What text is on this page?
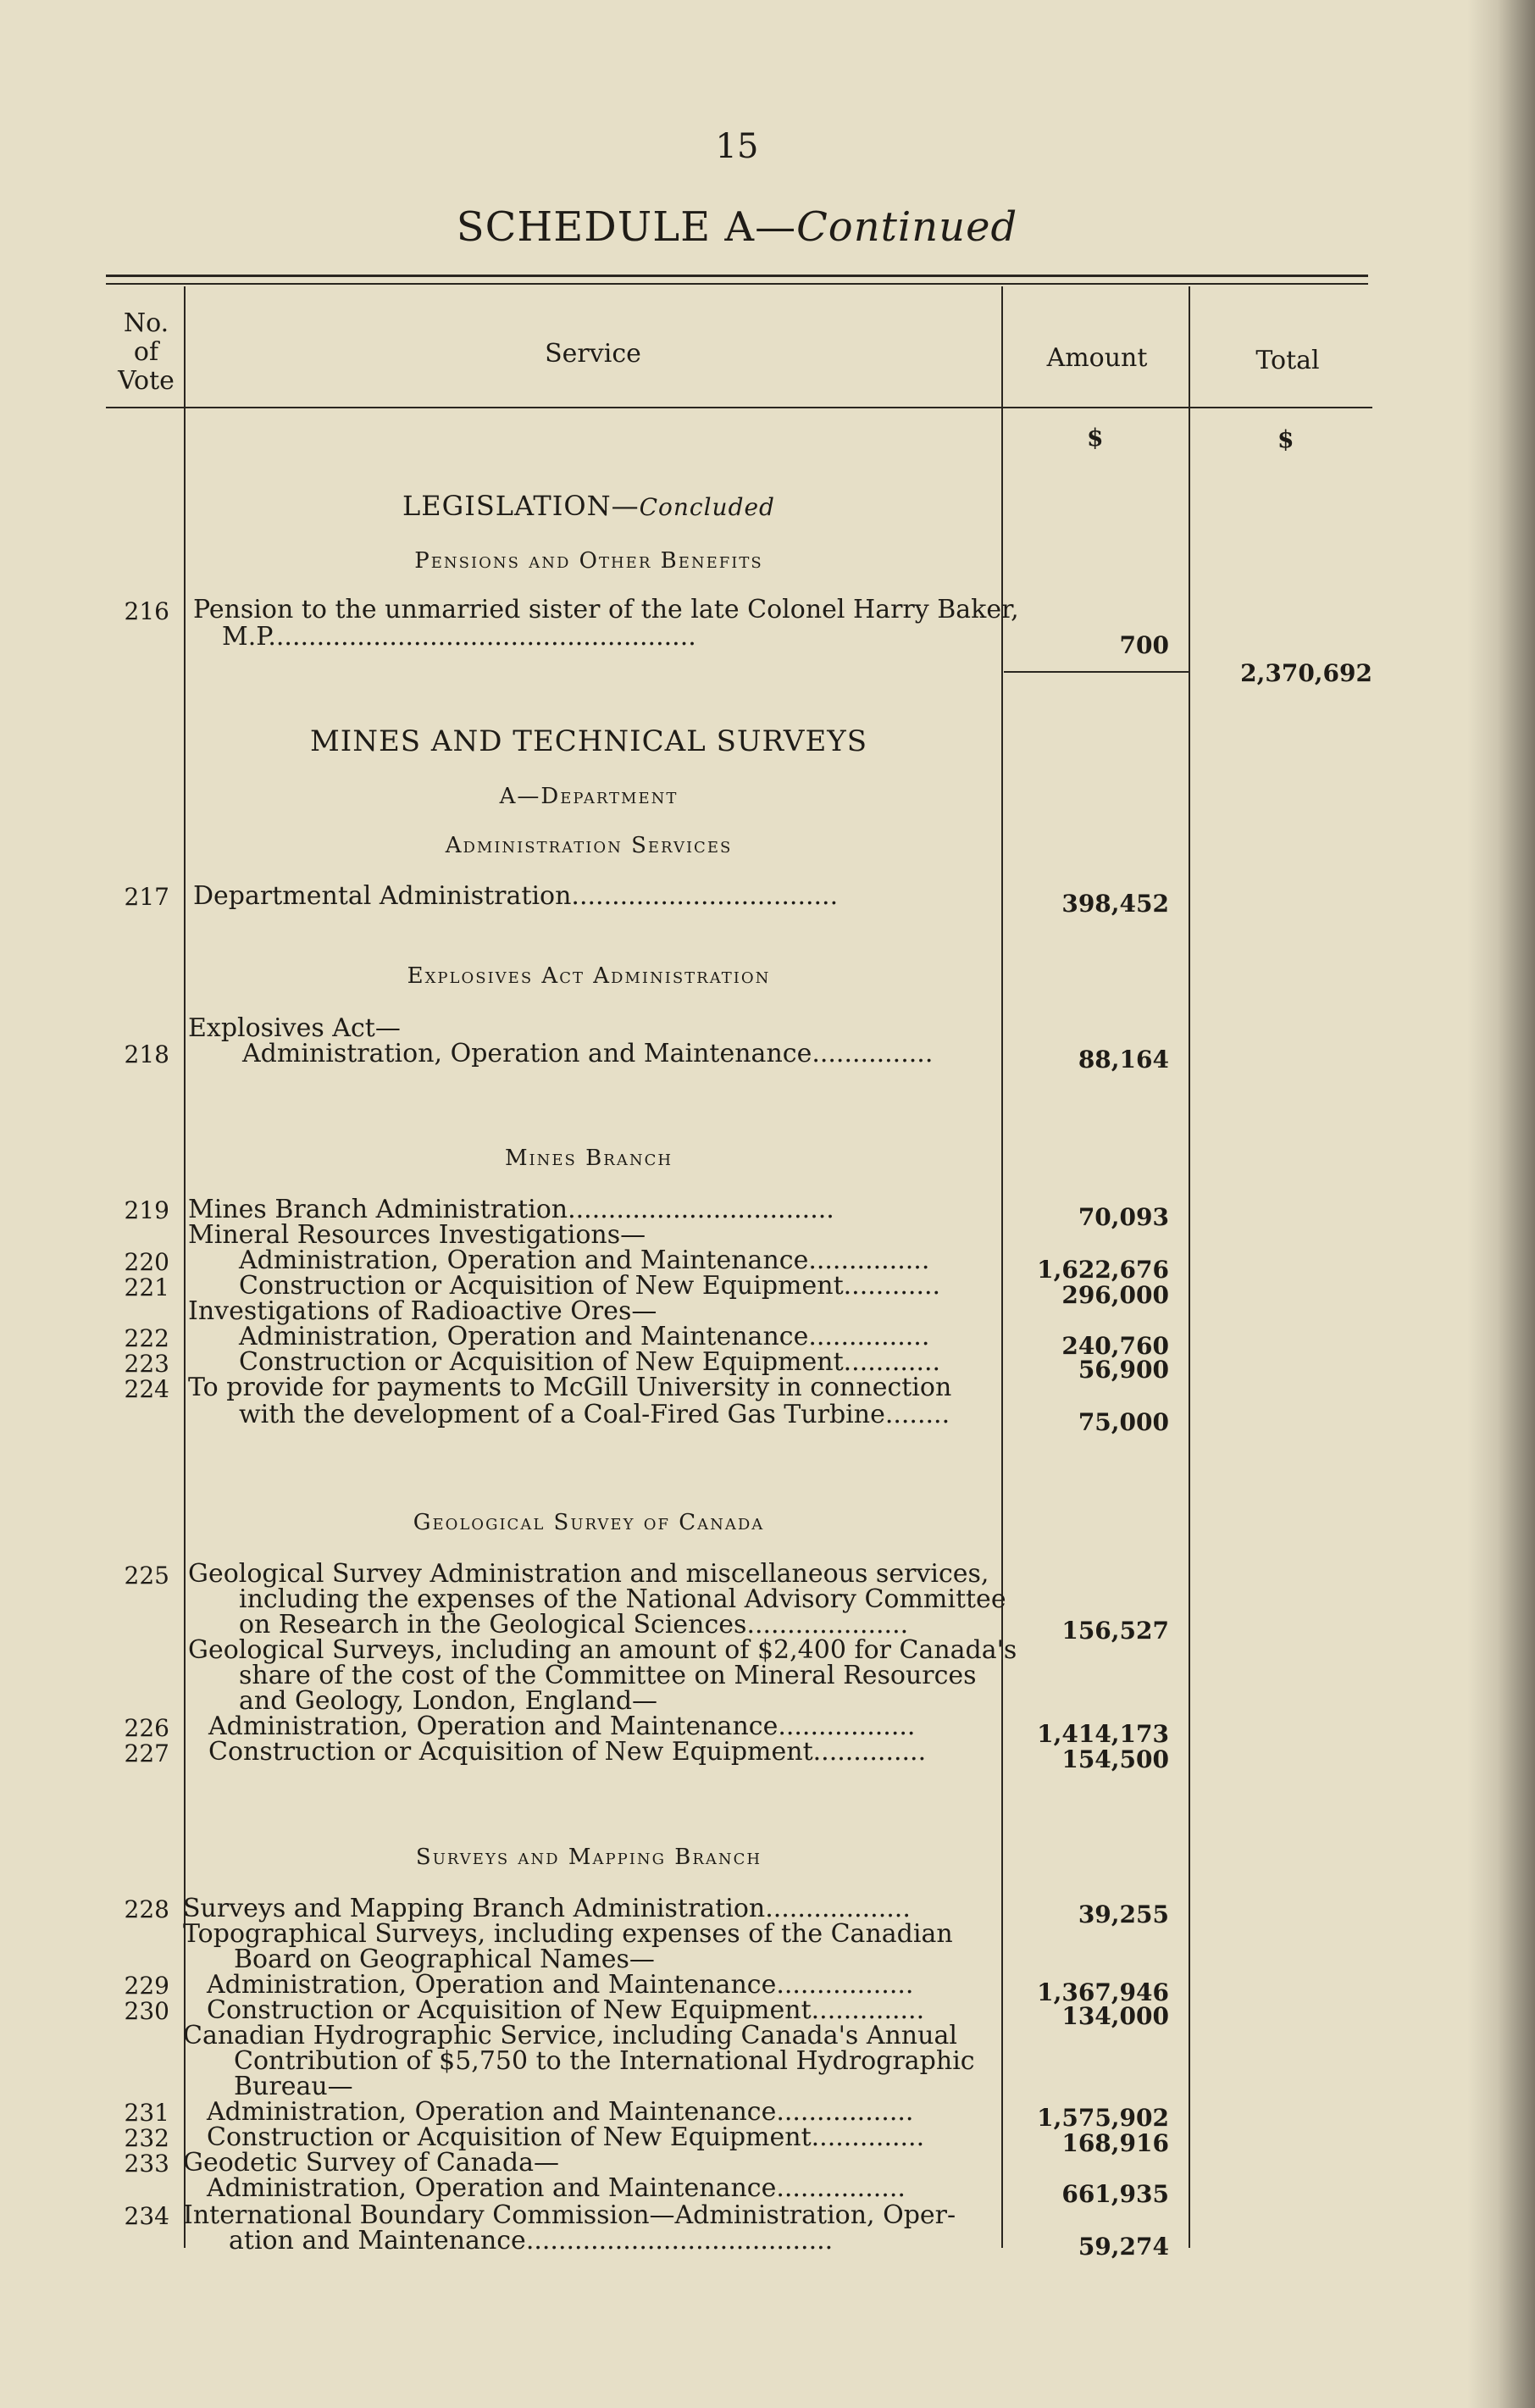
15
SCHEDULE A—Continued
No.
of
Vote
Service	Amount	Total
$	$
LEGISLATION—Concluded
Pensions and Other Benefits
216 Pension to the unmarried sister of the late Colonel Harry Baker,
M.P.....................................................	700
2,370,692
MINES AND TECHNICAL SURVEYS
A—Department
Administration Services
217 Departmental Administration.................................	398,452
Explosives Act Administration
Explosives Act—
218	Administration, Operation and Maintenance...............	88,164
Mines Branch
219 Mines Branch Administration.................................	70,093
Mineral Resources Investigations—
220	Administration, Operation and Maintenance...............	1,622,676
221	Construction or Acquisition of New Equipment............	296,000
Investigations of Radioactive Ores—
222	Administration, Operation and Maintenance...............	240,760
223	Construction or Acquisition of New Equipment............	56,900
224 To provide for payments to McGill University in connection
with the development of a Coal-Fired Gas Turbine........	75,000
Geological Survey of Canada
225 Geological Survey Administration and miscellaneous services,
including the expenses of the National Advisory Committee
on Research in the Geological Sciences....................	156,527
Geological Surveys, including an amount of $2,400 for Canada's
share of the cost of the Committee on Mineral Resources
and Geology, London, England—
226 Administration, Operation and Maintenance.................	1,414,173
227 Construction or Acquisition of New Equipment..............	154,500
Surveys and Mapping Branch
228 Surveys and Mapping Branch Administration..................	39,255
Topographical Surveys, including expenses of the Canadian
Board on Geographical Names—
229 Administration, Operation and Maintenance.................	1,367,946
230 Construction or Acquisition of New Equipment..............	134,000
Canadian Hydrographic Service, including Canada's Annual
Contribution of $5,750 to the International Hydrographic
Bureau—
231 Administration, Operation and Maintenance.................	1,575,902
232 Construction or Acquisition of New Equipment..............	168,916
233 Geodetic Survey of Canada—
Administration, Operation and Maintenance................	661,935
234 International Boundary Commission—Administration, Oper-
ation and Maintenance......................................	59,274
